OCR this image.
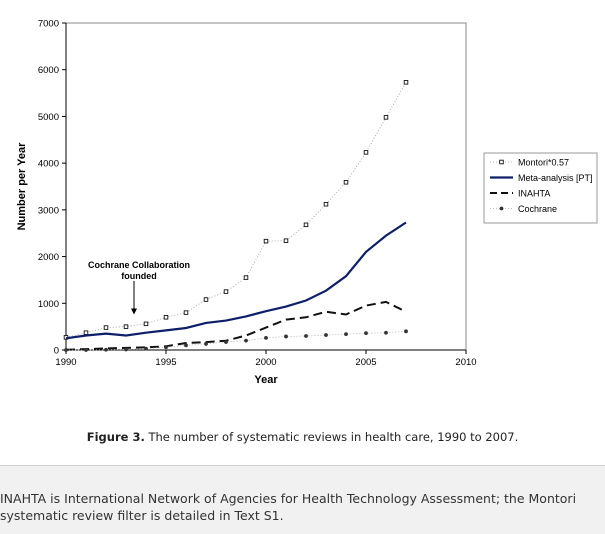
0
1000
2000
3000
4000
5000
6000
7000
1990	1995	2000	2005	2010
Year
Number per Year
Cochrane Collaboration
founded
Montori*0.57
Meta-analysis [PT]
INAHTA
Cochrane
Figure 3. The number of systematic reviews in health care, 1990 to 2007.

INAHTA is International Network of Agencies for Health Technology Assessment; the Montori systematic review filter is detailed in Text S1.
